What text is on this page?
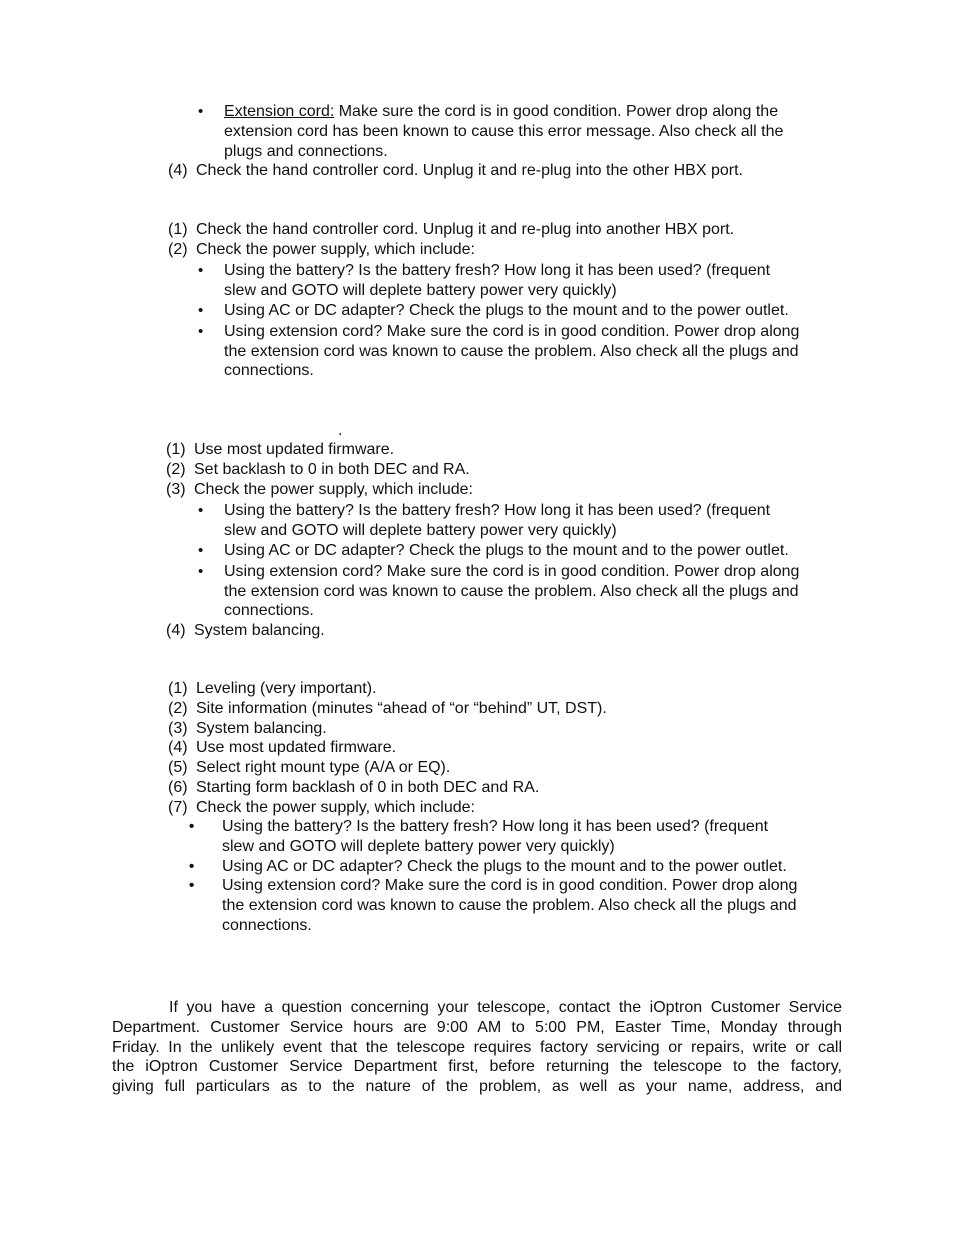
• Extension cord: Make sure the cord is in good condition. Power drop along the
extension cord has been known to cause this error message. Also check all the
plugs and connections.
(4) Check the hand controller cord. Unplug it and re-plug into the other HBX port.
(1) Check the hand controller cord. Unplug it and re-plug into another HBX port.
(2) Check the power supply, which include:
• Using the battery? Is the battery fresh? How long it has been used? (frequent
slew and GOTO will deplete battery power very quickly)
• Using AC or DC adapter? Check the plugs to the mount and to the power outlet.
• Using extension cord? Make sure the cord is in good condition. Power drop along
the extension cord was known to cause the problem. Also check all the plugs and
connections.
.
(1) Use most updated firmware.
(2) Set backlash to 0 in both DEC and RA.
(3) Check the power supply, which include:
• Using the battery? Is the battery fresh? How long it has been used? (frequent
slew and GOTO will deplete battery power very quickly)
• Using AC or DC adapter? Check the plugs to the mount and to the power outlet.
• Using extension cord? Make sure the cord is in good condition. Power drop along
the extension cord was known to cause the problem. Also check all the plugs and
connections.
(4) System balancing.
(1) Leveling (very important).
(2) Site information (minutes “ahead of “or “behind” UT, DST).
(3) System balancing.
(4) Use most updated firmware.
(5) Select right mount type (A/A or EQ).
(6) Starting form backlash of 0 in both DEC and RA.
(7) Check the power supply, which include:
• Using the battery? Is the battery fresh? How long it has been used? (frequent
slew and GOTO will deplete battery power very quickly)
• Using AC or DC adapter? Check the plugs to the mount and to the power outlet.
• Using extension cord? Make sure the cord is in good condition. Power drop along
the extension cord was known to cause the problem. Also check all the plugs and
connections.
If you have a question concerning your telescope, contact the iOptron Customer Service
Department. Customer Service hours are 9:00 AM to 5:00 PM, Easter Time, Monday through
Friday. In the unlikely event that the telescope requires factory servicing or repairs, write or call
the iOptron Customer Service Department first, before returning the telescope to the factory,
giving full particulars as to the nature of the problem, as well as your name, address, and
